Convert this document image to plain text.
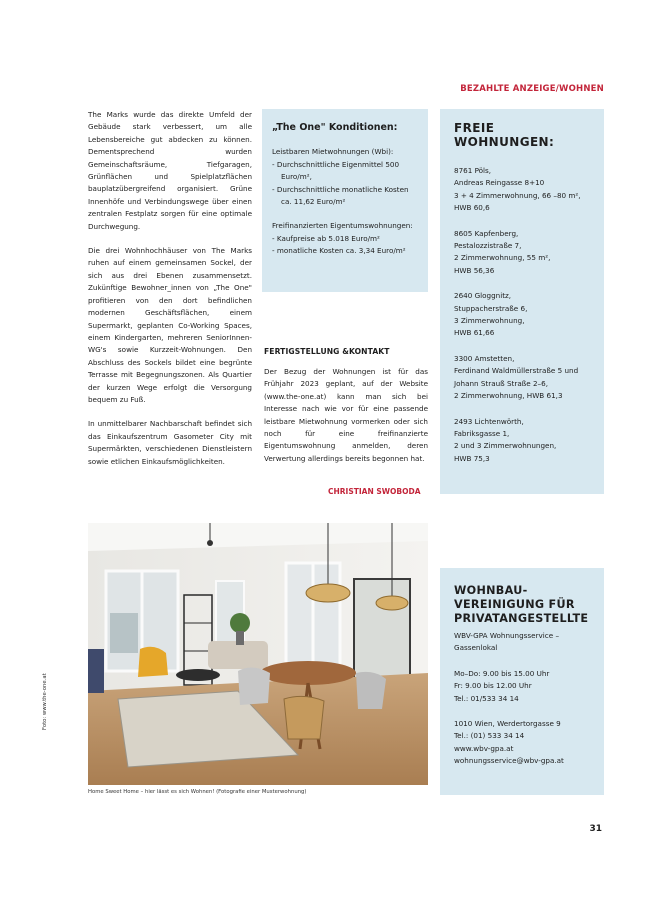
BEZAHLTE ANZEIGE/WOHNEN

The Marks wurde das direkte Umfeld der Gebäude stark verbessert, um alle Lebensbereiche gut abdecken zu können. Dementsprechend wurden Gemeinschaftsräume, Tiefgaragen, Grünflächen und Spielplatzflächen bauplatzübergreifend organisiert. Grüne Innenhöfe und Verbindungswege über einen zentralen Festplatz sorgen für eine optimale Durchwegung.

Die drei Wohnhochhäuser von The Marks ruhen auf einem gemeinsamen Sockel, der sich aus drei Ebenen zusammensetzt. Zukünftige Bewohner_innen von „The One" profitieren von den dort befindlichen modernen Geschäftsflächen, einem Supermarkt, geplanten Co-Working Spaces, einem Kindergarten, mehreren SeniorInnen-WG's sowie Kurzzeit-Wohnungen. Den Abschluss des Sockels bildet eine begrünte Terrasse mit Begegnungszonen. Als Quartier der kurzen Wege erfolgt die Versorgung bequem zu Fuß.

In unmittelbarer Nachbarschaft befindet sich das Einkaufszentrum Gasometer City mit Supermärkten, verschiedenen Dienstleistern sowie etlichen Einkaufsmöglichkeiten.

„The One" Konditionen:
Leistbaren Mietwohnungen (Wbi):
- Durchschnittliche Eigenmittel 500 Euro/m²,
- Durchschnittliche monatliche Kosten ca. 11,62 Euro/m²
Freifinanzierten Eigentumswohnungen:
- Kaufpreise ab 5.018 Euro/m²
- monatliche Kosten ca. 3,34 Euro/m²
FERTIGSTELLUNG &KONTAKT

Der Bezug der Wohnungen ist für das Frühjahr 2023 geplant, auf der Website (www.the-one.at) kann man sich bei Interesse nach wie vor für eine passende leistbare Mietwohnung vormerken oder sich noch für eine freifinanzierte Eigentumswohnung anmelden, deren Verwertung allerdings bereits begonnen hat.

CHRISTIAN SWOBODA
FREIE WOHNUNGEN:
8761 Pöls,
Andreas Reingasse 8+10
3 + 4 Zimmerwohnung, 66 –80 m²,
HWB 60,6
8605 Kapfenberg,
Pestalozzistraße 7,
2 Zimmerwohnung, 55 m²,
HWB 56,36
2640 Gloggnitz,
Stuppacherstraße 6,
3 Zimmerwohnung,
HWB 61,66
3300 Amstetten,
Ferdinand Waldmüllerstraße 5 und Johann Strauß Straße 2–6,
2 Zimmerwohnung, HWB 61,3
2493 Lichtenwörth,
Fabriksgasse 1,
2 und 3 Zimmerwohnungen,
HWB 75,3
Home Sweet Home – hier lässt es sich Wohnen! (Fotografie einer Musterwohnung)
Foto: www.the-one.at
WOHNBAU-VEREINIGUNG FÜR PRIVATANGESTELLTE
WBV-GPA Wohnungsservice – Gassenlokal
Mo–Do: 9.00 bis 15.00 Uhr
Fr: 9.00 bis 12.00 Uhr
Tel.: 01/533 34 14
1010 Wien, Werdertorgasse 9
Tel.: (01) 533 34 14
www.wbv-gpa.at
wohnungsservice@wbv-gpa.at
31
